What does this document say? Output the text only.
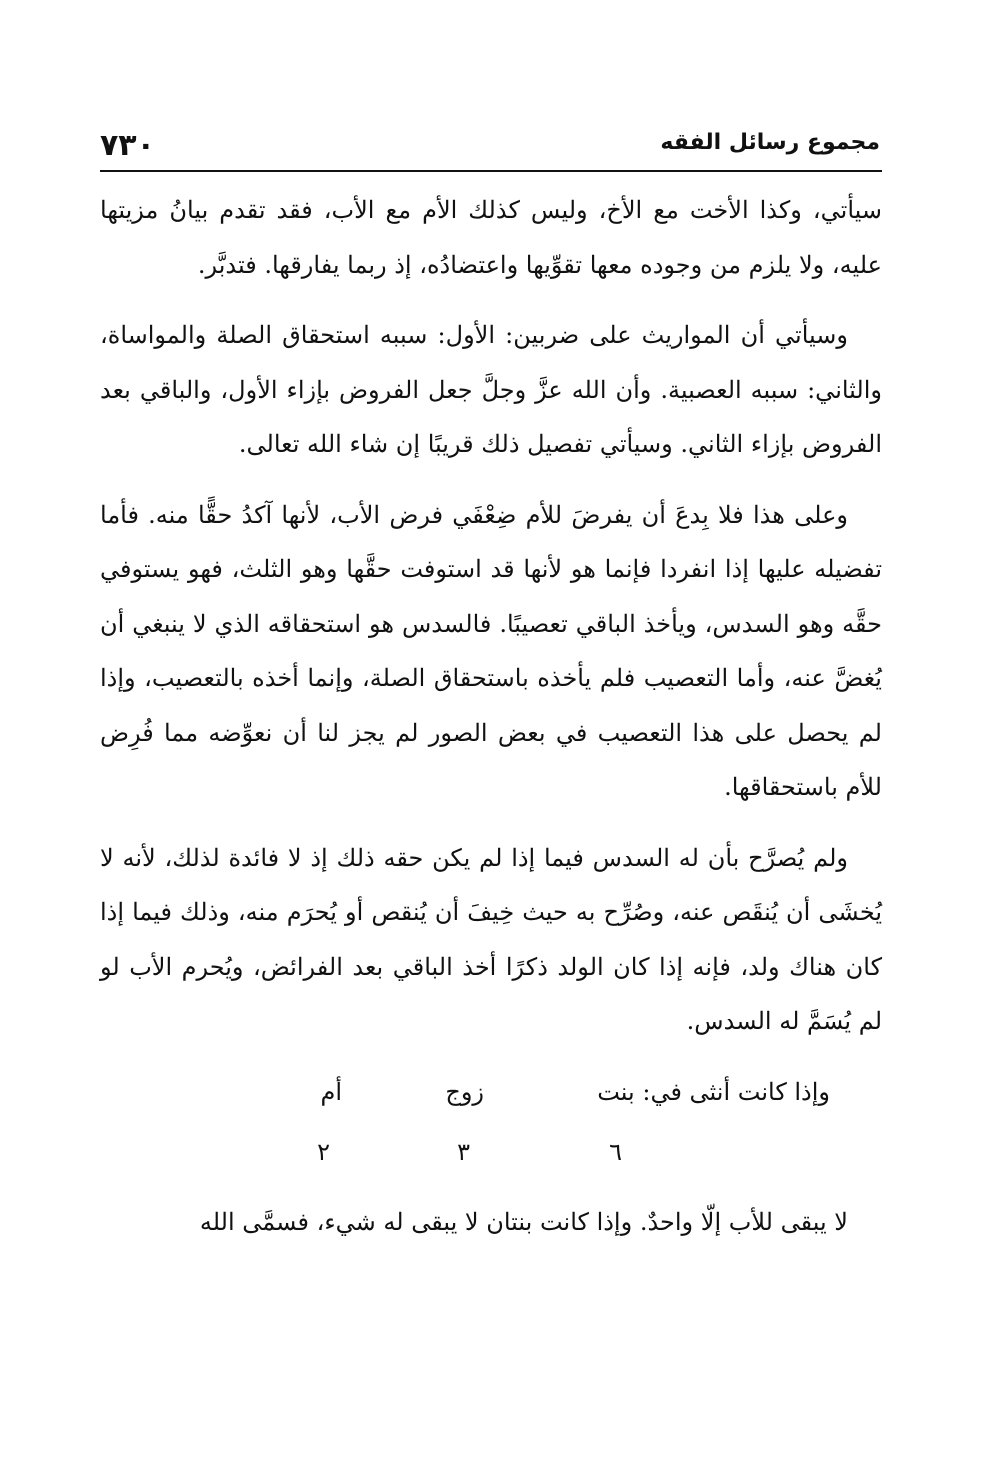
مجموع رسائل الفقه
٧٣٠

سيأتي، وكذا الأخت مع الأخ، وليس كذلك الأم مع الأب، فقد تقدم بيانُ مزيتها عليه، ولا يلزم من وجوده معها تقوِّيها واعتضادُه، إذ ربما يفارقها. فتدبَّر.

وسيأتي أن المواريث على ضربين: الأول: سببه استحقاق الصلة والمواساة، والثاني: سببه العصبية. وأن الله عزَّ وجلَّ جعل الفروض بإزاء الأول، والباقي بعد الفروض بإزاء الثاني. وسيأتي تفصيل ذلك قريبًا إن شاء الله تعالى.

وعلى هذا فلا بِدعَ أن يفرضَ للأم ضِعْفَي فرض الأب، لأنها آكدُ حقًّا منه. فأما تفضيله عليها إذا انفردا فإنما هو لأنها قد استوفت حقَّها وهو الثلث، فهو يستوفي حقَّه وهو السدس، ويأخذ الباقي تعصيبًا. فالسدس هو استحقاقه الذي لا ينبغي أن يُغضَّ عنه، وأما التعصيب فلم يأخذه باستحقاق الصلة، وإنما أخذه بالتعصيب، وإذا لم يحصل على هذا التعصيب في بعض الصور لم يجز لنا أن نعوِّضه مما فُرِض للأم باستحقاقها.

ولم يُصرَّح بأن له السدس فيما إذا لم يكن حقه ذلك إذ لا فائدة لذلك، لأنه لا يُخشَى أن يُنقَص عنه، وصُرِّح به حيث خِيفَ أن يُنقص أو يُحرَم منه، وذلك فيما إذا كان هناك ولد، فإنه إذا كان الولد ذكرًا أخذ الباقي بعد الفرائض، ويُحرم الأب لو لم يُسَمَّ له السدس.

وإذا كانت أنثى في: بنت
زوج
أم
٦
٣
٢

لا يبقى للأب إلّا واحدٌ. وإذا كانت بنتان لا يبقى له شيء، فسمَّى الله
